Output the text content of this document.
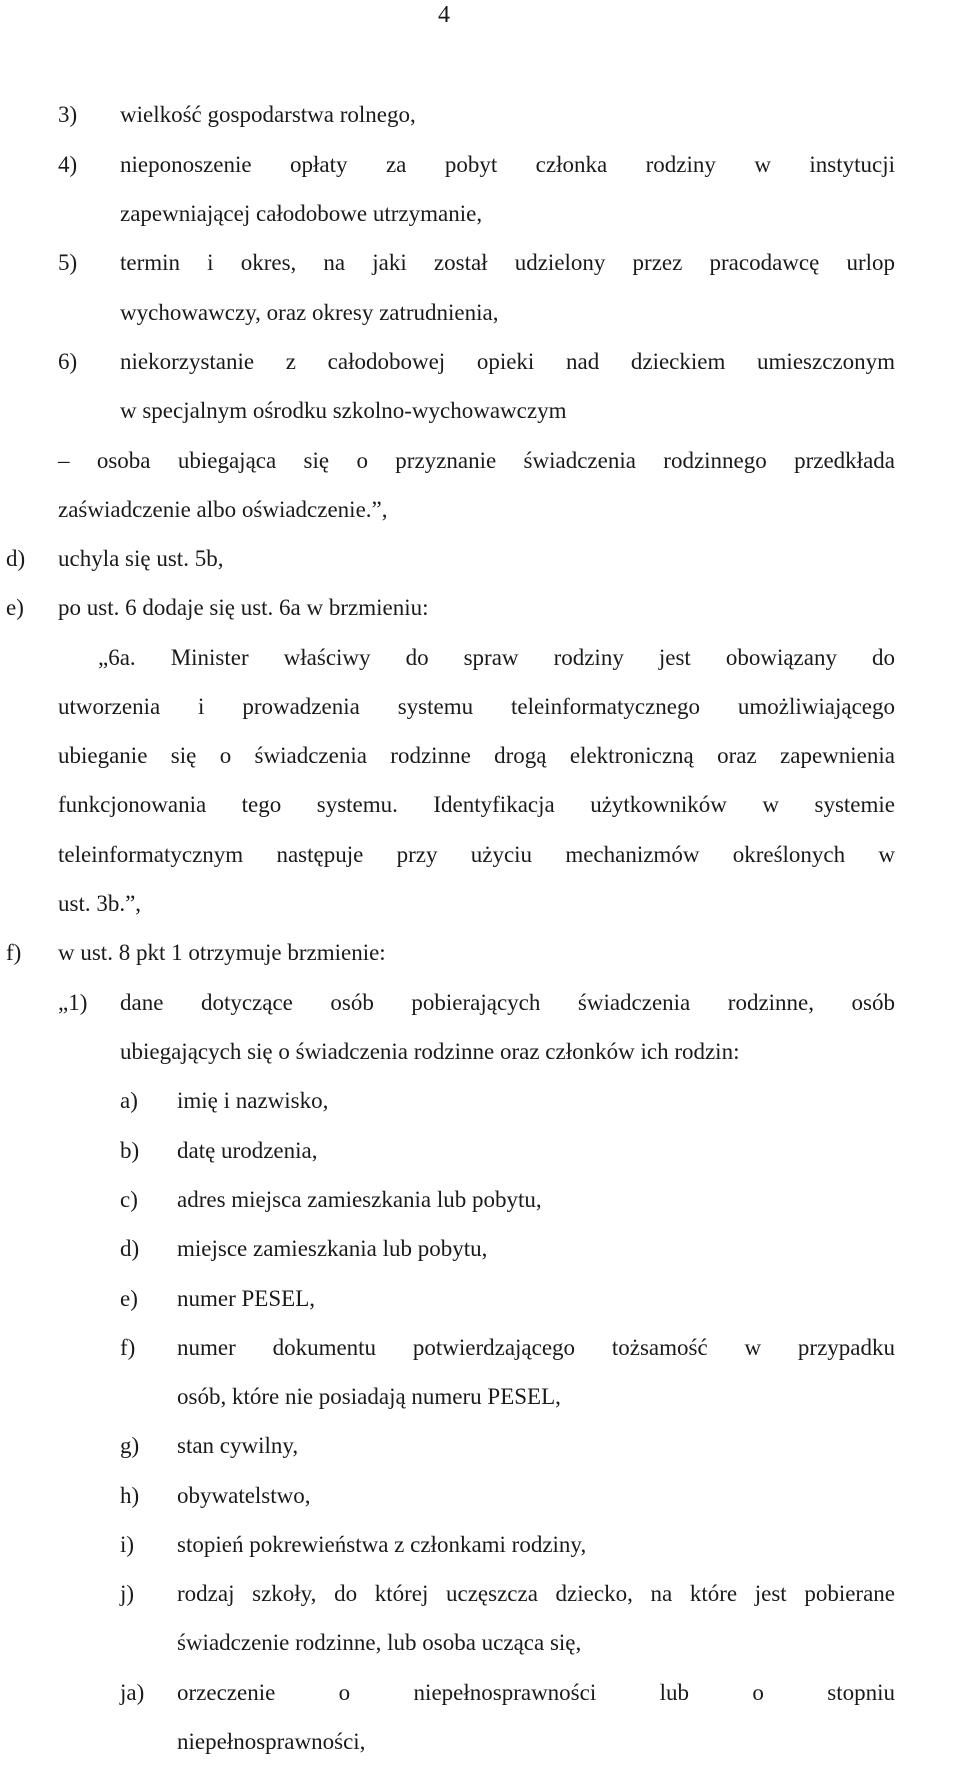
4
3) wielkość gospodarstwa rolnego,
4) nieponoszenie opłaty za pobyt członka rodziny w instytucji
zapewniającej całodobowe utrzymanie,
5) termin i okres, na jaki został udzielony przez pracodawcę urlop
wychowawczy, oraz okresy zatrudnienia,
6) niekorzystanie z całodobowej opieki nad dzieckiem umieszczonym
w specjalnym ośrodku szkolno-wychowawczym
– osoba ubiegająca się o przyznanie świadczenia rodzinnego przedkłada
zaświadczenie albo oświadczenie.”,
d) uchyla się ust. 5b,
e) po ust. 6 dodaje się ust. 6a w brzmieniu:
„6a. Minister właściwy do spraw rodziny jest obowiązany do
utworzenia i prowadzenia systemu teleinformatycznego umożliwiającego
ubieganie się o świadczenia rodzinne drogą elektroniczną oraz zapewnienia
funkcjonowania tego systemu. Identyfikacja użytkowników w systemie
teleinformatycznym następuje przy użyciu mechanizmów określonych w
ust. 3b.”,
f) w ust. 8 pkt 1 otrzymuje brzmienie:
„1) dane dotyczące osób pobierających świadczenia rodzinne, osób
ubiegających się o świadczenia rodzinne oraz członków ich rodzin:
a) imię i nazwisko,
b) datę urodzenia,
c) adres miejsca zamieszkania lub pobytu,
d) miejsce zamieszkania lub pobytu,
e) numer PESEL,
f) numer dokumentu potwierdzającego tożsamość w przypadku
osób, które nie posiadają numeru PESEL,
g) stan cywilny,
h) obywatelstwo,
i) stopień pokrewieństwa z członkami rodziny,
j) rodzaj szkoły, do której uczęszcza dziecko, na które jest pobierane
świadczenie rodzinne, lub osoba ucząca się,
ja) orzeczenie o niepełnosprawności lub o stopniu
niepełnosprawności,
